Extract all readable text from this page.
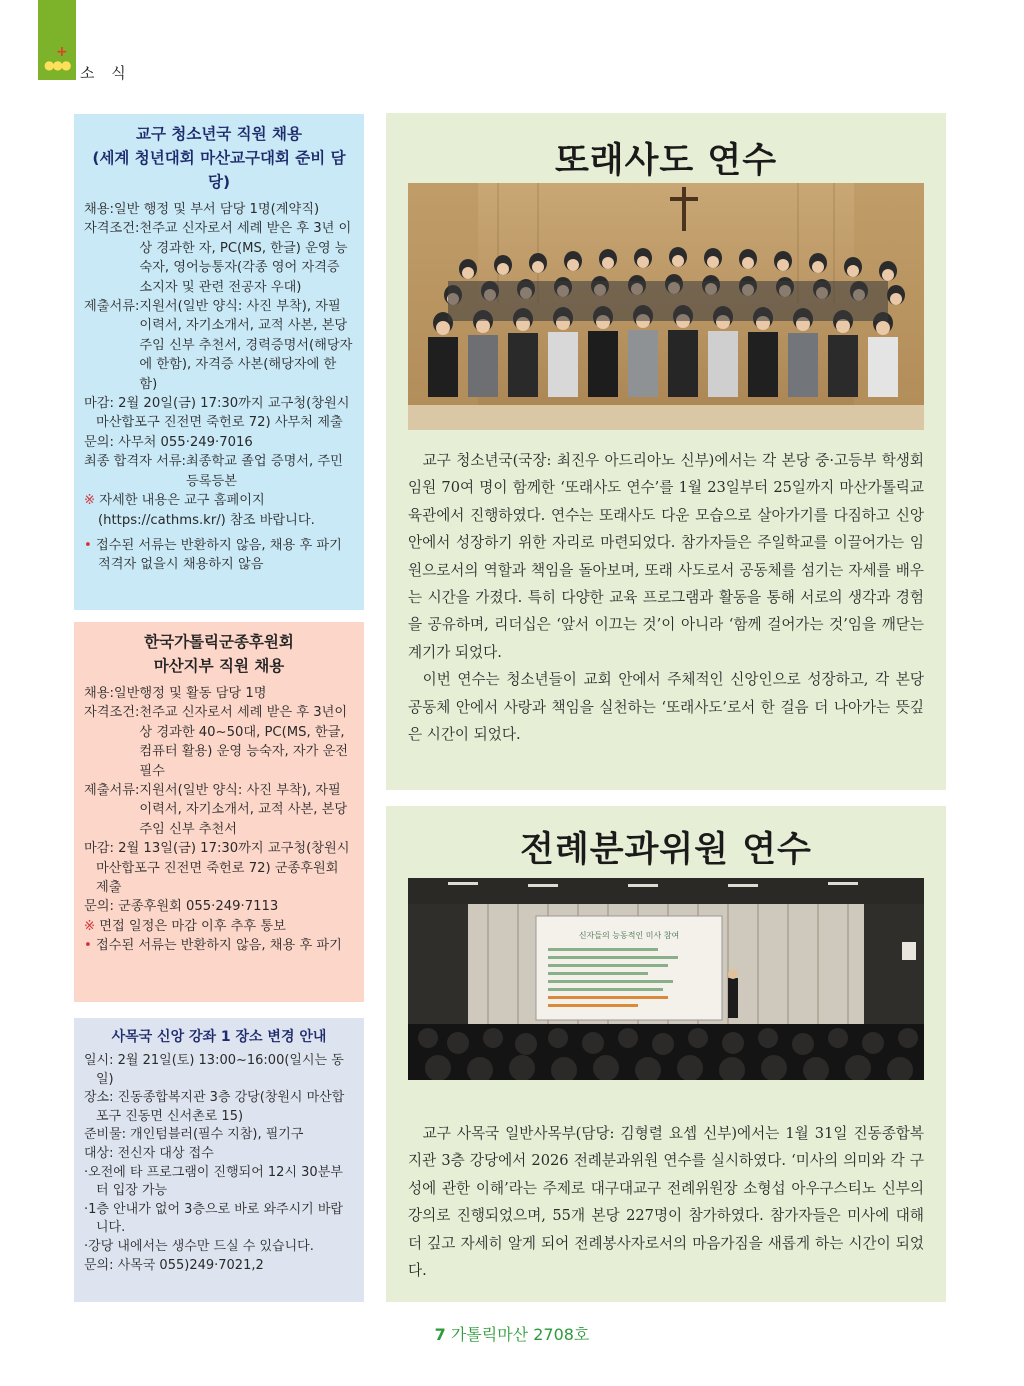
+
●●● 소 식
교구 청소년국 직원 채용
(세계 청년대회 마산교구대회 준비 담당)
채용: 일반 행정 및 부서 담당 1명(계약직)
자격조건: 천주교 신자로서 세례 받은 후 3년 이상 경과한 자, PC(MS, 한글) 운영 능숙자, 영어능통자(각종 영어 자격증 소지자 및 관련 전공자 우대)
제출서류: 지원서(일반 양식: 사진 부착), 자필 이력서, 자기소개서, 교적 사본, 본당 주임 신부 추천서, 경력증명서(해당자에 한함), 자격증 사본(해당자에 한함)
마감: 2월 20일(금) 17:30까지 교구청(창원시 마산합포구 진전면 죽헌로 72) 사무처 제출
문의: 사무처 055·249·7016
최종 합격자 서류: 최종학교 졸업 증명서, 주민등록등본
※ 자세한 내용은 교구 홈페이지(https://cathms.kr/) 참조 바랍니다.
• 접수된 서류는 반환하지 않음, 채용 후 파기 적격자 없을시 채용하지 않음
한국가톨릭군종후원회
마산지부 직원 채용
채용: 일반행정 및 활동 담당 1명
자격조건: 천주교 신자로서 세례 받은 후 3년이상 경과한 40~50대, PC(MS, 한글, 컴퓨터 활용) 운영 능숙자, 자가 운전 필수
제출서류: 지원서(일반 양식: 사진 부착), 자필 이력서, 자기소개서, 교적 사본, 본당 주임 신부 추천서
마감: 2월 13일(금) 17:30까지 교구청(창원시 마산합포구 진전면 죽헌로 72) 군종후원회 제출
문의: 군종후원회 055·249·7113
※ 면접 일정은 마감 이후 추후 통보
• 접수된 서류는 반환하지 않음, 채용 후 파기
사목국 신앙 강좌 1 장소 변경 안내
일시: 2월 21일(토) 13:00~16:00(일시는 동일)
장소: 진동종합복지관 3층 강당(창원시 마산합포구 진동면 신서촌로 15)
준비물: 개인텀블러(필수 지참), 필기구
대상: 전신자 대상 접수
·오전에 타 프로그램이 진행되어 12시 30분부터 입장 가능
·1층 안내가 없어 3층으로 바로 와주시기 바랍니다.
·강당 내에서는 생수만 드실 수 있습니다.
문의: 사목국 055)249·7021,2
또래사도 연수

교구 청소년국(국장: 최진우 아드리아노 신부)에서는 각 본당 중·고등부 학생회 임원 70여 명이 함께한 ‘또래사도 연수’를 1월 23일부터 25일까지 마산가톨릭교육관에서 진행하였다. 연수는 또래사도 다운 모습으로 살아가기를 다짐하고 신앙 안에서 성장하기 위한 자리로 마련되었다. 참가자들은 주일학교를 이끌어가는 임원으로서의 역할과 책임을 돌아보며, 또래 사도로서 공동체를 섬기는 자세를 배우는 시간을 가졌다. 특히 다양한 교육 프로그램과 활동을 통해 서로의 생각과 경험을 공유하며, 리더십은 ‘앞서 이끄는 것’이 아니라 ‘함께 걸어가는 것’임을 깨닫는 계기가 되었다.

이번 연수는 청소년들이 교회 안에서 주체적인 신앙인으로 성장하고, 각 본당 공동체 안에서 사랑과 책임을 실천하는 ‘또래사도’로서 한 걸음 더 나아가는 뜻깊은 시간이 되었다.

전례분과위원 연수
신자들의 능동적인 미사 참여

교구 사목국 일반사목부(담당: 김형렬 요셉 신부)에서는 1월 31일 진동종합복지관 3층 강당에서 2026 전례분과위원 연수를 실시하였다. ‘미사의 의미와 각 구성에 관한 이해’라는 주제로 대구대교구 전례위원장 소형섭 아우구스티노 신부의 강의로 진행되었으며, 55개 본당 227명이 참가하였다. 참가자들은 미사에 대해 더 깊고 자세히 알게 되어 전례봉사자로서의 마음가짐을 새롭게 하는 시간이 되었다.

7 가톨릭마산 2708호
